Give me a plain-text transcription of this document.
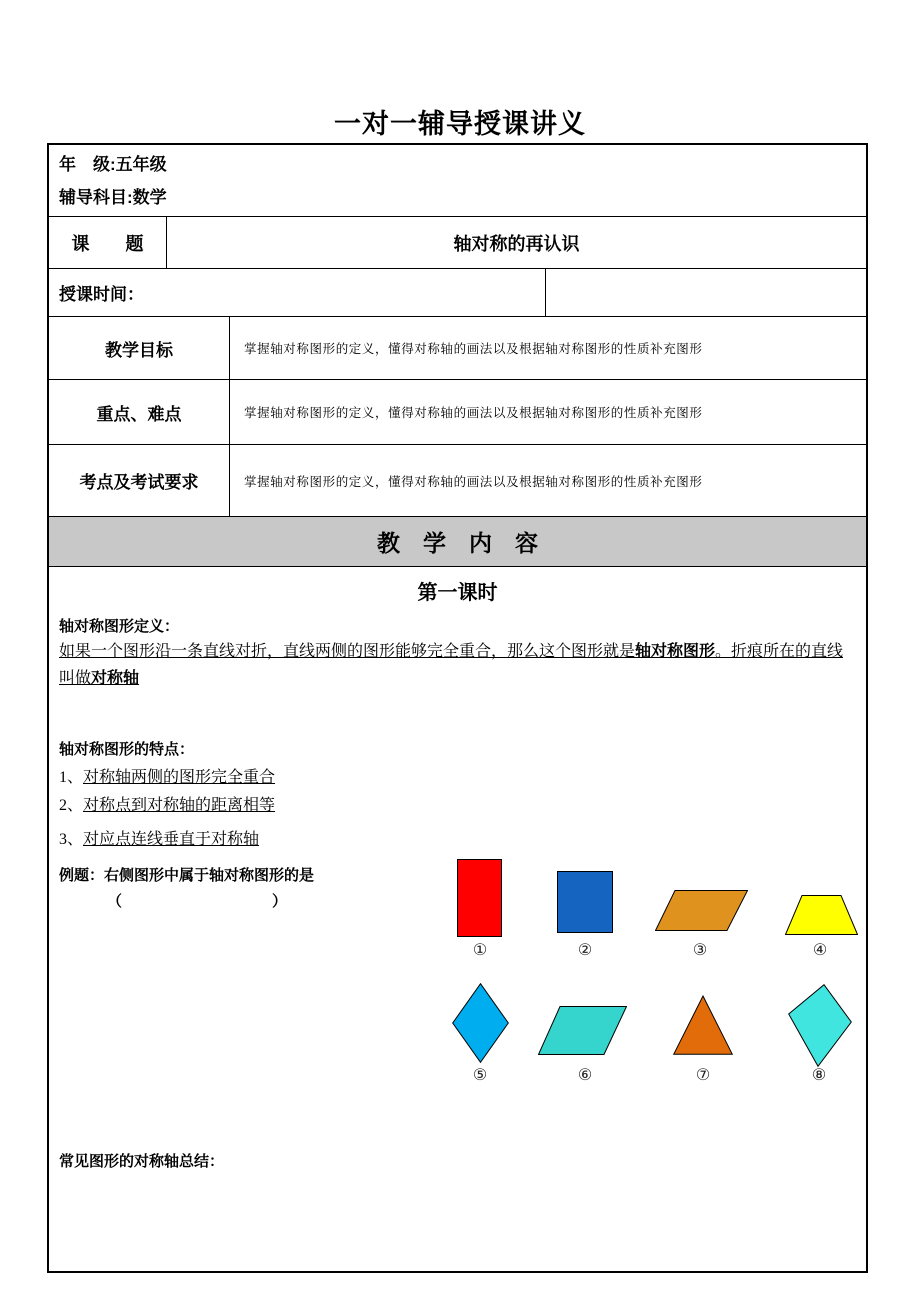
一对一辅导授课讲义
年　级:五年级
辅导科目:数学
课　　题	轴对称的再认识
授课时间：
教学目标	掌握轴对称图形的定义，懂得对称轴的画法以及根据轴对称图形的性质补充图形
重点、难点	掌握轴对称图形的定义，懂得对称轴的画法以及根据轴对称图形的性质补充图形
考点及考试要求	掌握轴对称图形的定义，懂得对称轴的画法以及根据轴对称图形的性质补充图形
教　学　内　容
第一课时
轴对称图形定义：

如果一个图形沿一条直线对折，直线两侧的图形能够完全重合，那么这个图形就是轴对称图形。折痕所在的直线叫做对称轴

轴对称图形的特点：
1、对称轴两侧的图形完全重合
2、对称点到对称轴的距离相等
3、对应点连线垂直于对称轴
例题：右侧图形中属于轴对称图形的是
（　　　　　　　　　　）
常见图形的对称轴总结：
①	②	③	④
⑤	⑥	⑦	⑧
